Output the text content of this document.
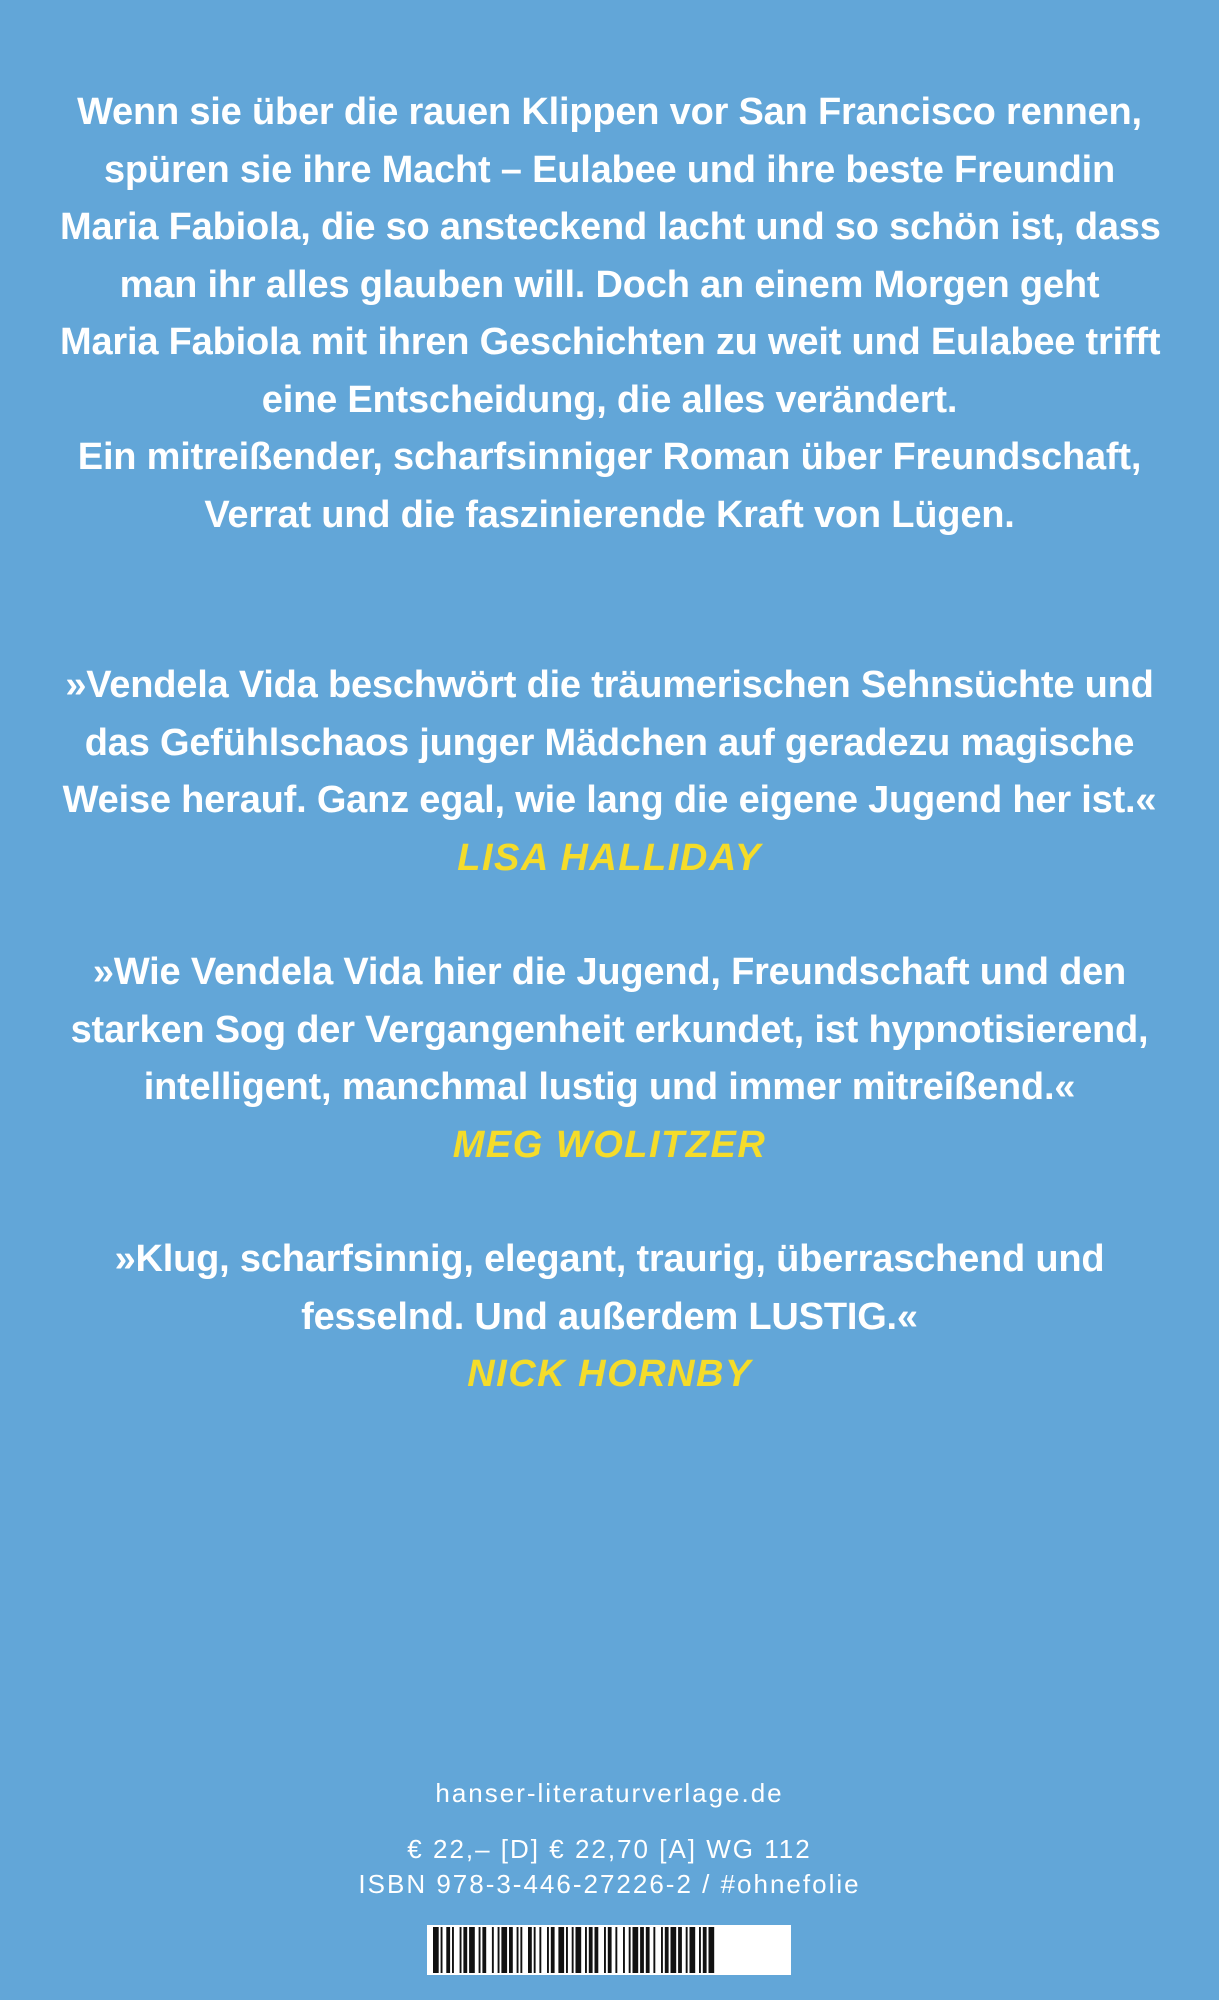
Wenn sie über die rauen Klippen vor San Francisco rennen,
spüren sie ihre Macht – Eulabee und ihre beste Freundin
Maria Fabiola, die so ansteckend lacht und so schön ist, dass
man ihr alles glauben will. Doch an einem Morgen geht
Maria Fabiola mit ihren Geschichten zu weit und Eulabee trifft
eine Entscheidung, die alles verändert.
Ein mitreißender, scharfsinniger Roman über Freundschaft,
Verrat und die faszinierende Kraft von Lügen.
»Vendela Vida beschwört die träumerischen Sehnsüchte und
das Gefühlschaos junger Mädchen auf geradezu magische
Weise herauf. Ganz egal, wie lang die eigene Jugend her ist.«
LISA HALLIDAY
»Wie Vendela Vida hier die Jugend, Freundschaft und den
starken Sog der Vergangenheit erkundet, ist hypnotisierend,
intelligent, manchmal lustig und immer mitreißend.«
MEG WOLITZER
»Klug, scharfsinnig, elegant, traurig, überraschend und
fesselnd. Und außerdem LUSTIG.«
NICK HORNBY
hanser-literaturverlage.de
€ 22,– [D] € 22,70 [A] WG 112
ISBN 978-3-446-27226-2 / #ohnefolie
